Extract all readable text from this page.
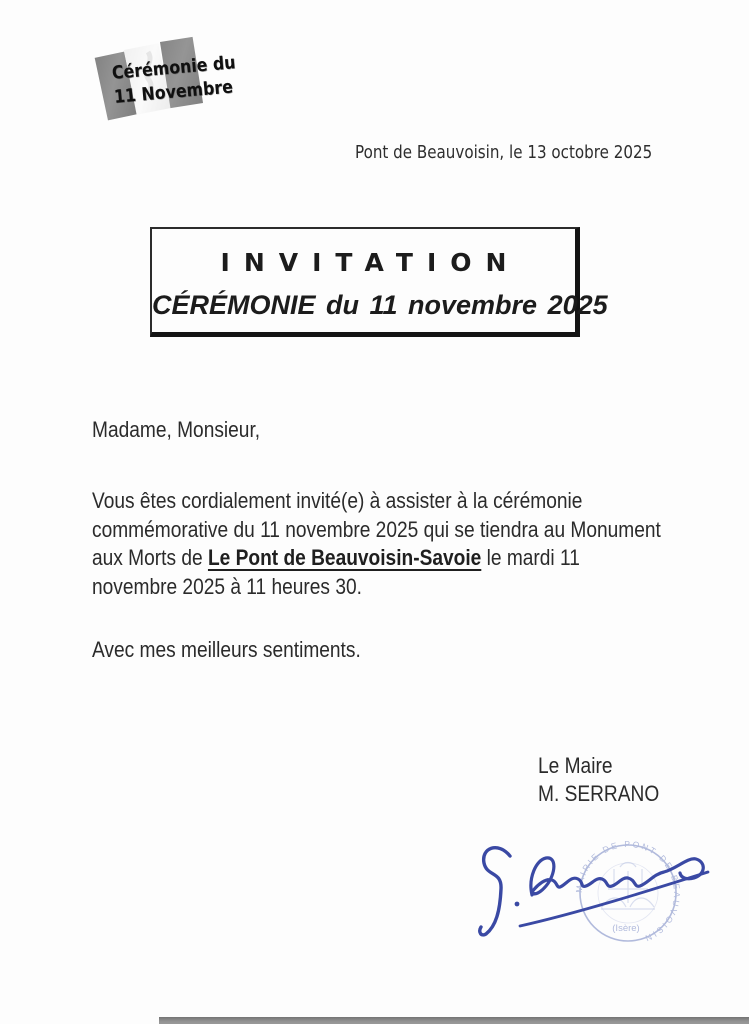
Cérémonie du
11 Novembre
Pont de Beauvoisin, le 13 octobre 2025
INVITATION
CÉRÉMONIE du 11 novembre 2025
Madame, Monsieur,
Vous êtes cordialement invité(e) à assister à la cérémonie
commémorative du 11 novembre 2025 qui se tiendra au Monument
aux Morts de Le Pont de Beauvoisin-Savoie le mardi 11
novembre 2025 à 11 heures 30.
Avec mes meilleurs sentiments.
Le Maire
M. SERRANO
MAIRIE DE PONT-DE-BEAUVOISIN
(Isère)
